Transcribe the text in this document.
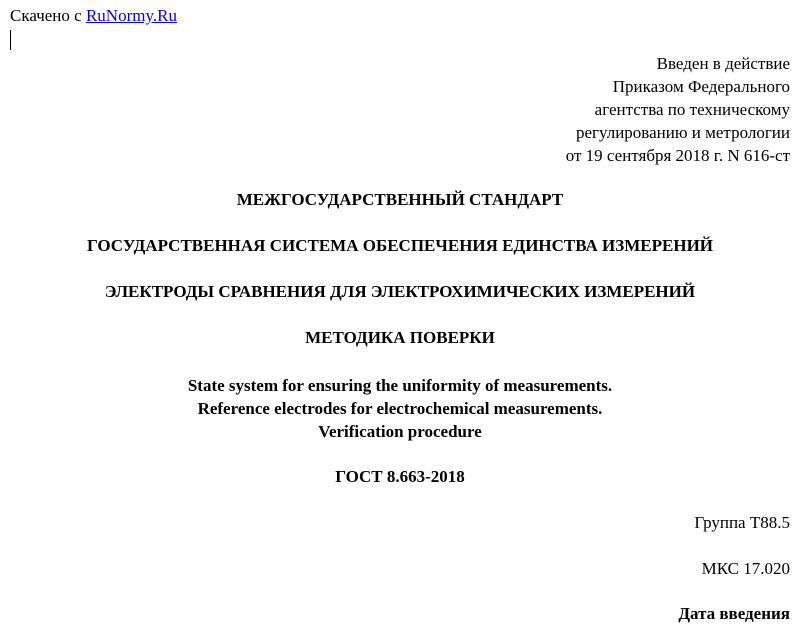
Скачено с RuNormy.Ru
Введен в действие
Приказом Федерального
агентства по техническому
регулированию и метрологии
от 19 сентября 2018 г. N 616-ст
МЕЖГОСУДАРСТВЕННЫЙ СТАНДАРТ
ГОСУДАРСТВЕННАЯ СИСТЕМА ОБЕСПЕЧЕНИЯ ЕДИНСТВА ИЗМЕРЕНИЙ
ЭЛЕКТРОДЫ СРАВНЕНИЯ ДЛЯ ЭЛЕКТРОХИМИЧЕСКИХ ИЗМЕРЕНИЙ
МЕТОДИКА ПОВЕРКИ
State system for ensuring the uniformity of measurements.
Reference electrodes for electrochemical measurements.
Verification procedure
ГОСТ 8.663-2018
Группа Т88.5
МКС 17.020
Дата введения
